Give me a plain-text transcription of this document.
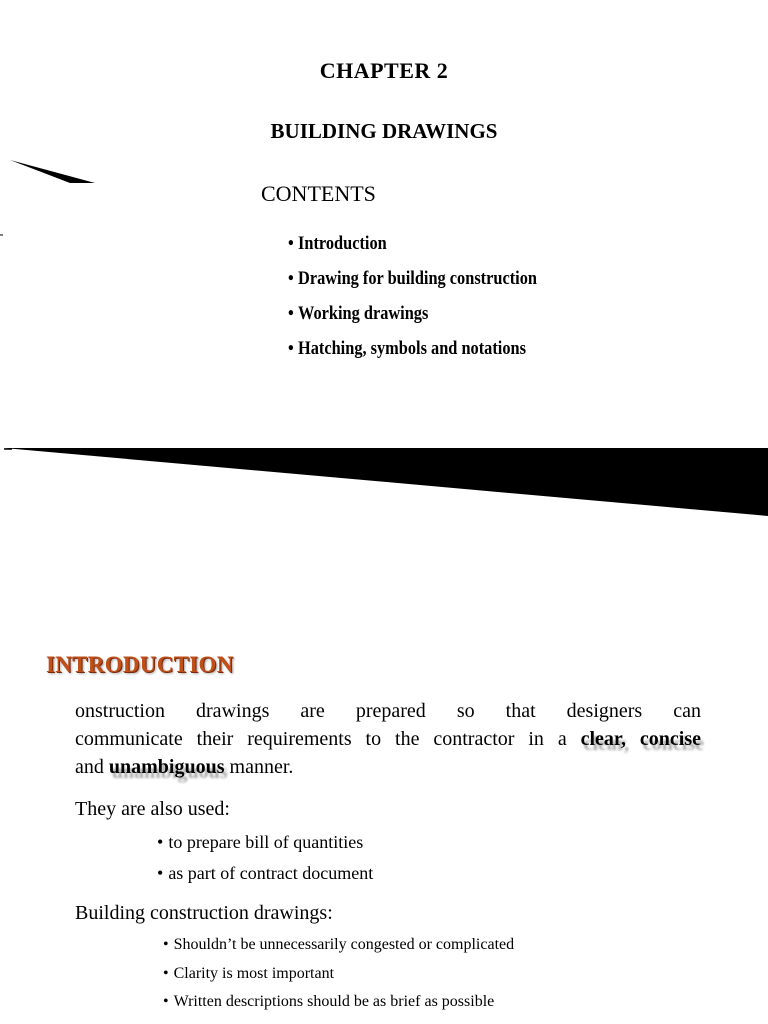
CHAPTER 2
BUILDING DRAWINGS
CONTENTS
• Introduction
• Drawing for building construction
• Working drawings
• Hatching, symbols and notations
INTRODUCTION
onstruction drawings are prepared so that designers can
communicate their requirements to the contractor in a clear, concise
and unambiguous manner.
They are also used:
• to prepare bill of quantities
• as part of contract document
Building construction drawings:
• Shouldn’t be unnecessarily congested or complicated
• Clarity is most important
• Written descriptions should be as brief as possible
